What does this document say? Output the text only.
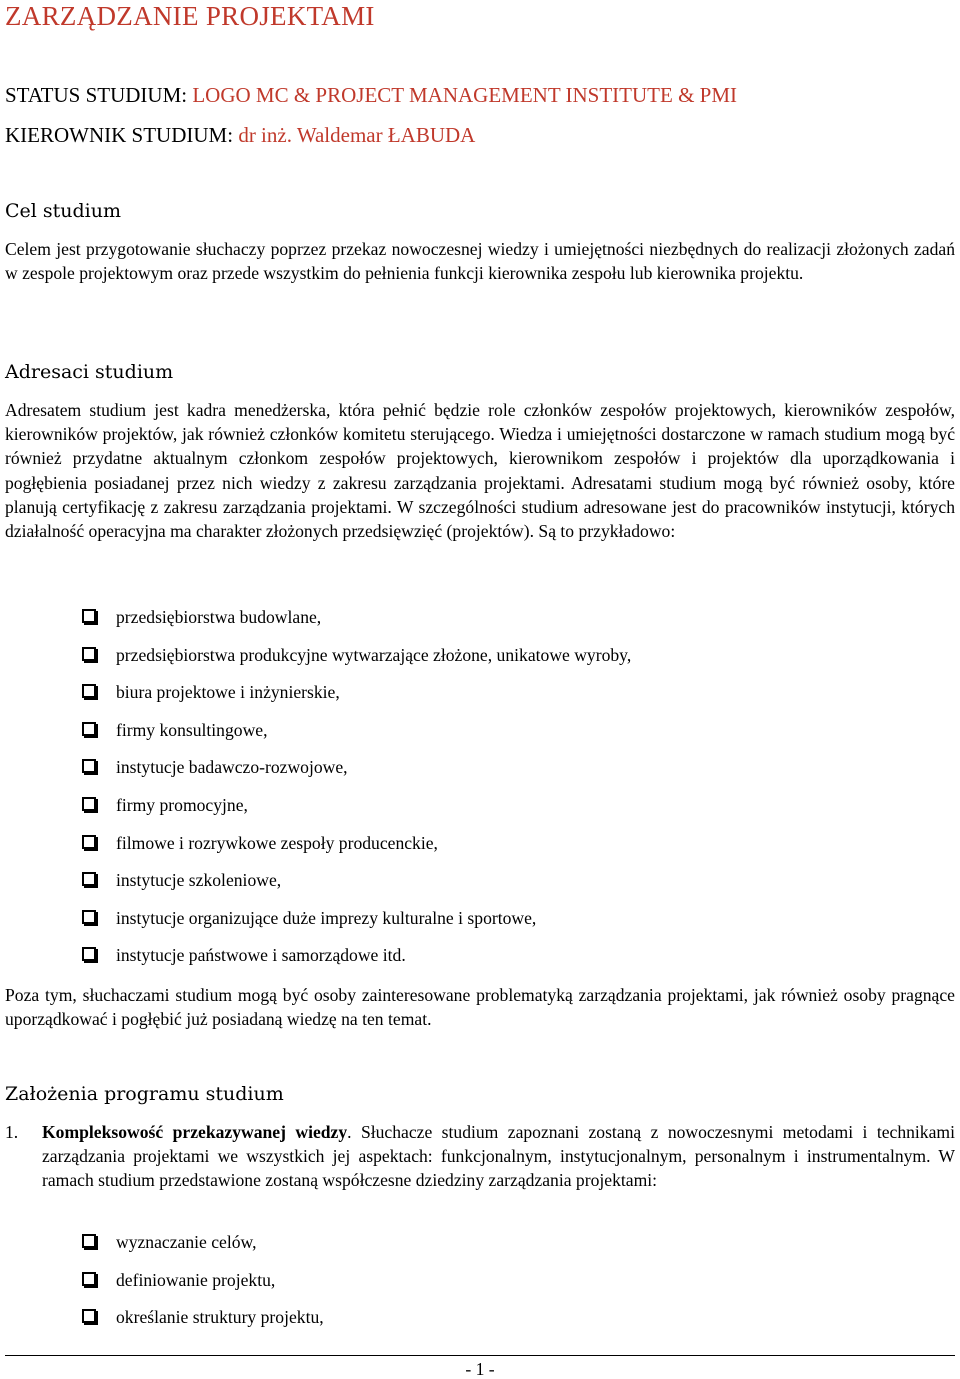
ZARZĄDZANIE PROJEKTAMI

STATUS STUDIUM: LOGO MC & PROJECT MANAGEMENT INSTITUTE & PMI

KIEROWNIK STUDIUM: dr inż. Waldemar ŁABUDA

Cel studium

Celem jest przygotowanie słuchaczy poprzez przekaz nowoczesnej wiedzy i umiejętności niezbędnych do realizacji złożonych zadań w zespole projektowym oraz przede wszystkim do pełnienia funkcji kierownika zespołu lub kierownika projektu.

Adresaci studium

Adresatem studium jest kadra menedżerska, która pełnić będzie role członków zespołów projektowych, kierowników zespołów, kierowników projektów, jak również członków komitetu sterującego. Wiedza i umiejętności dostarczone w ramach studium mogą być również przydatne aktualnym członkom zespołów projektowych, kierownikom zespołów i projektów dla uporządkowania i pogłębienia posiadanej przez nich wiedzy z zakresu zarządzania projektami. Adresatami studium mogą być również osoby, które planują certyfikację z zakresu zarządzania projektami. W szczególności studium adresowane jest do pracowników instytucji, których działalność operacyjna ma charakter złożonych przedsięwzięć (projektów). Są to przykładowo:

przedsiębiorstwa budowlane,
przedsiębiorstwa produkcyjne wytwarzające złożone, unikatowe wyroby,
biura projektowe i inżynierskie,
firmy konsultingowe,
instytucje badawczo-rozwojowe,
firmy promocyjne,
filmowe i rozrywkowe zespoły producenckie,
instytucje szkoleniowe,
instytucje organizujące duże imprezy kulturalne i sportowe,
instytucje państwowe i samorządowe itd.

Poza tym, słuchaczami studium mogą być osoby zainteresowane problematyką zarządzania projektami, jak również osoby pragnące uporządkować i pogłębić już posiadaną wiedzę na ten temat.

Założenia programu studium
1. Kompleksowość przekazywanej wiedzy. Słuchacze studium zapoznani zostaną z nowoczesnymi metodami i technikami zarządzania projektami we wszystkich jej aspektach: funkcjonalnym, instytucjonalnym, personalnym i instrumentalnym. W ramach studium przedstawione zostaną współczesne dziedziny zarządzania projektami:

wyznaczanie celów,
definiowanie projektu,
określanie struktury projektu,
- 1 -
